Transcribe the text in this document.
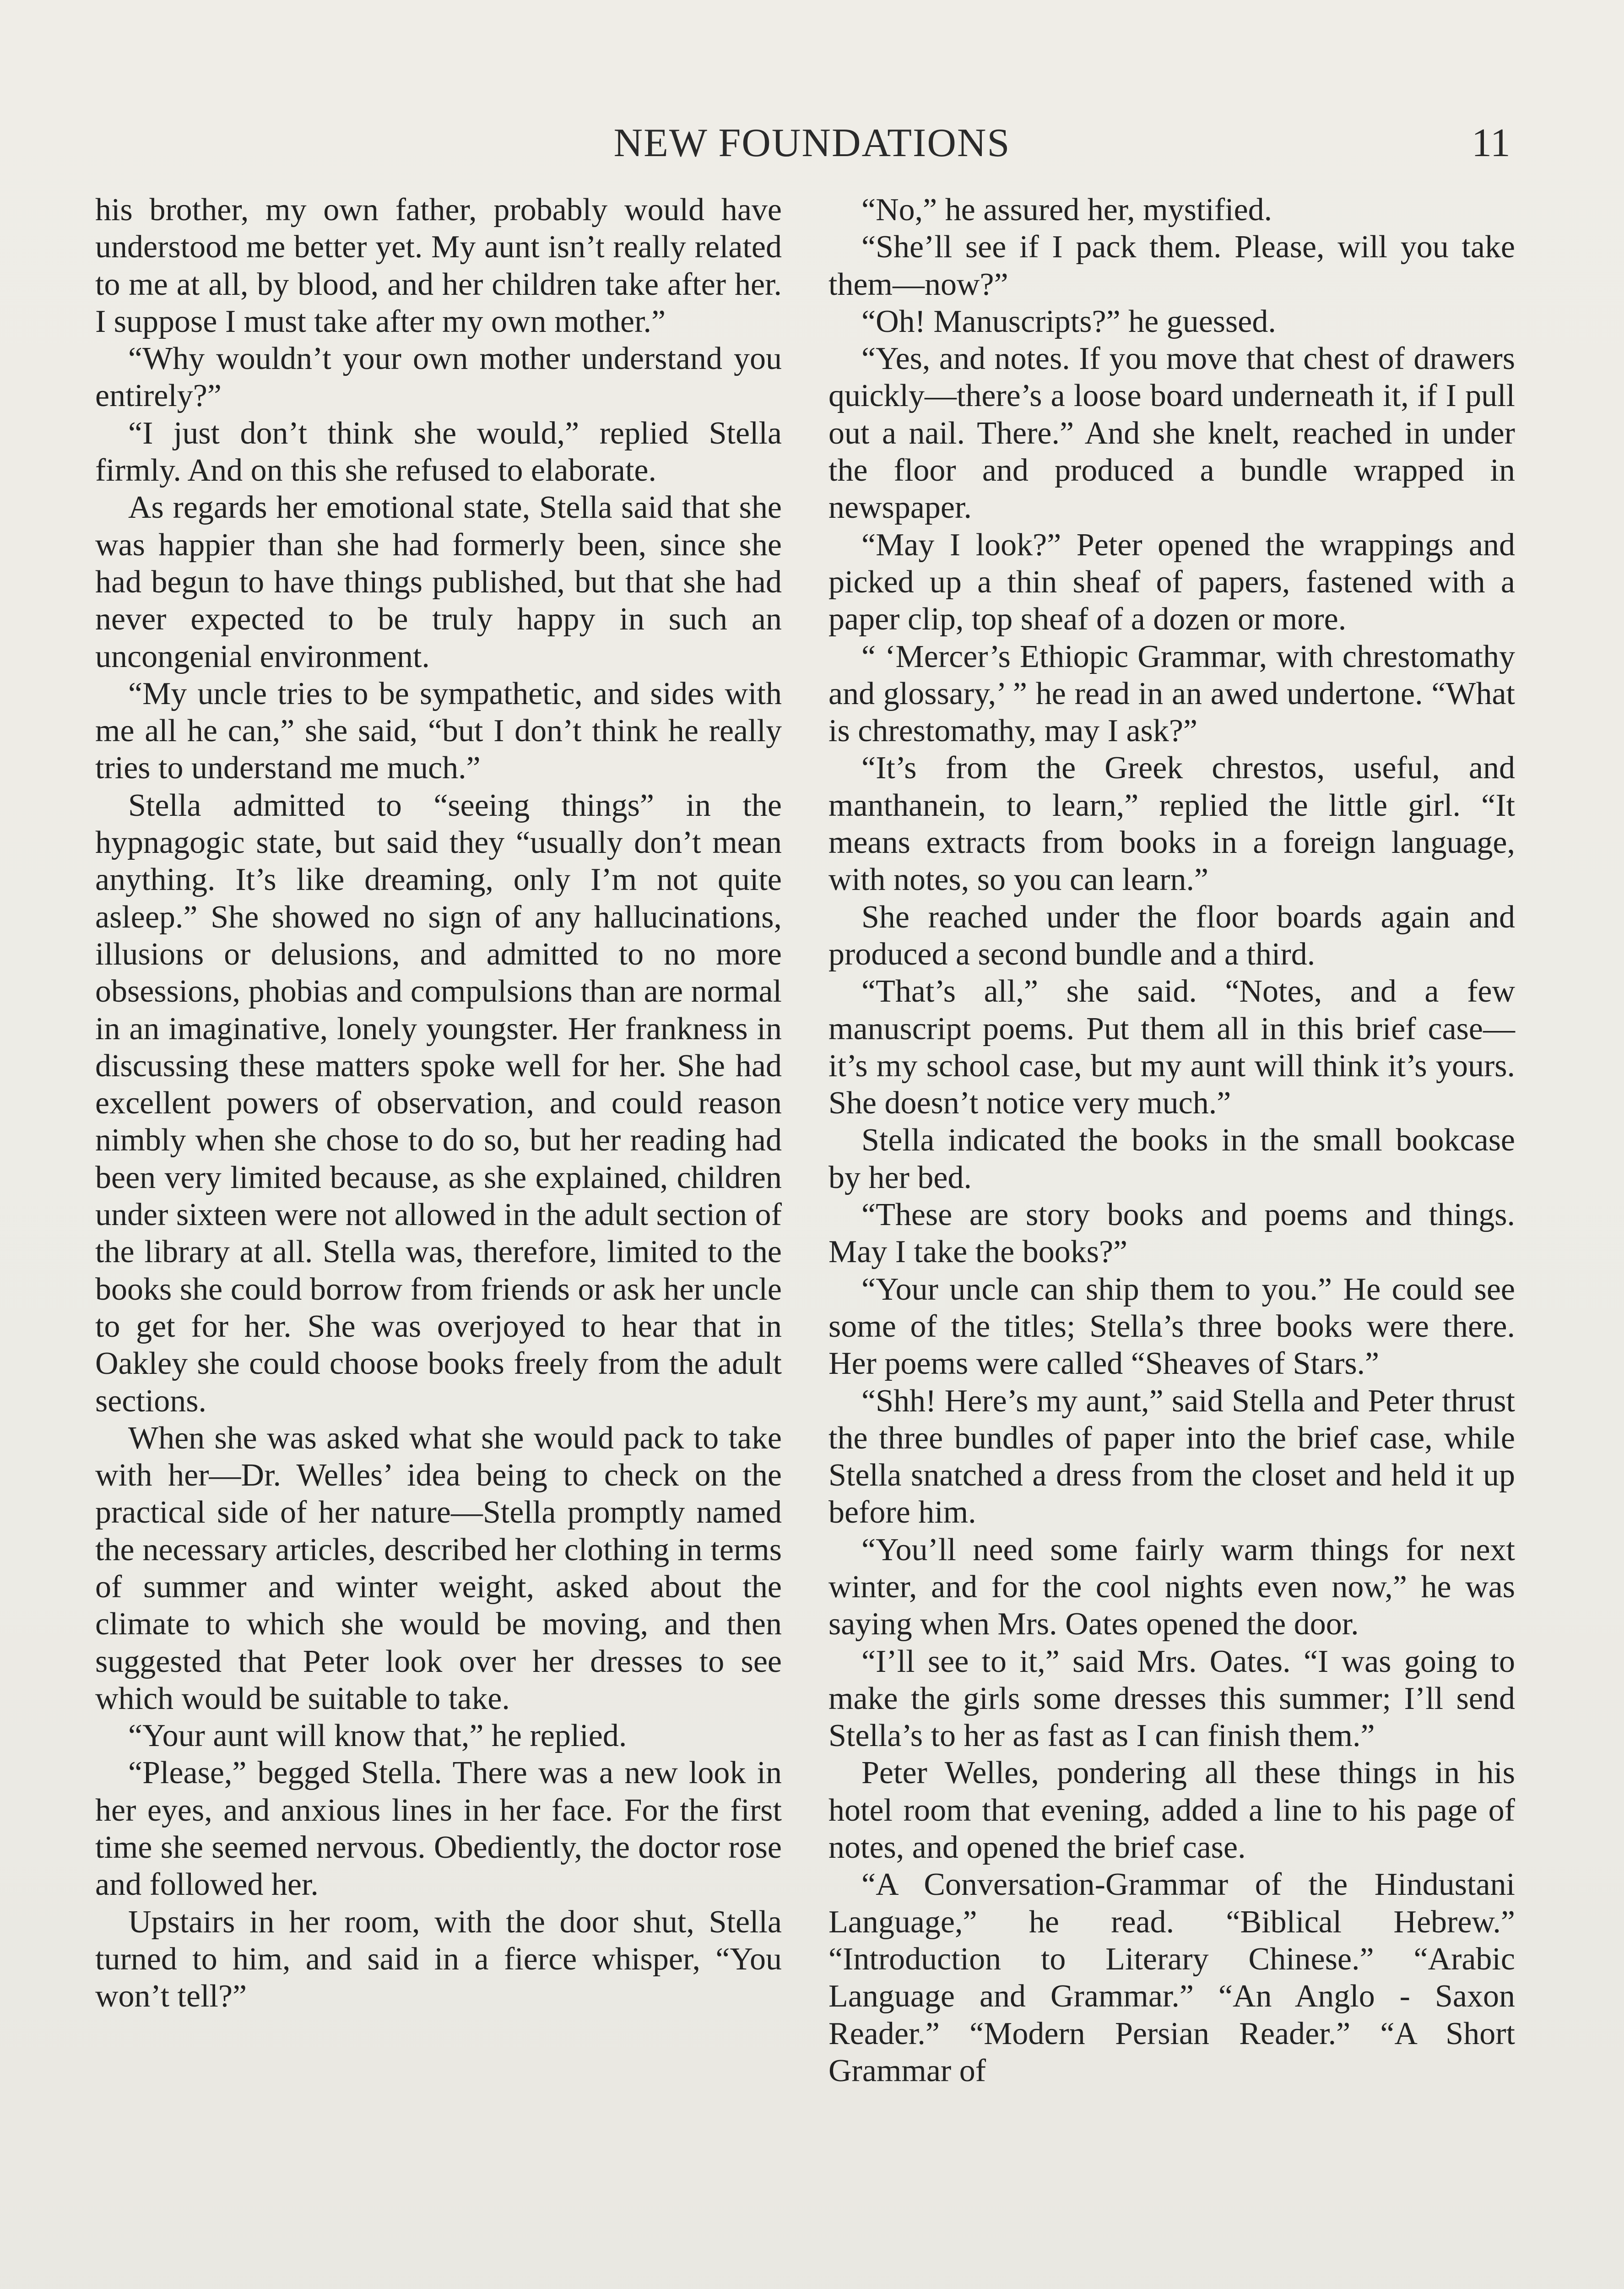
NEW FOUNDATIONS	11

his brother, my own father, probably would have understood me better yet. My aunt isn’t really related to me at all, by blood, and her children take after her. I suppose I must take after my own mother.”

“Why wouldn’t your own mother understand you entirely?”

“I just don’t think she would,” replied Stella firmly. And on this she refused to elaborate.

As regards her emotional state, Stella said that she was happier than she had formerly been, since she had begun to have things published, but that she had never expected to be truly happy in such an uncongenial environment.

“My uncle tries to be sympathetic, and sides with me all he can,” she said, “but I don’t think he really tries to understand me much.”

Stella admitted to “seeing things” in the hypnagogic state, but said they “usually don’t mean anything. It’s like dreaming, only I’m not quite asleep.” She showed no sign of any hallucinations, illusions or delusions, and admitted to no more obsessions, phobias and compulsions than are normal in an imaginative, lonely youngster. Her frankness in discussing these matters spoke well for her. She had excellent powers of observation, and could reason nimbly when she chose to do so, but her reading had been very limited because, as she explained, children under sixteen were not allowed in the adult section of the library at all. Stella was, therefore, limited to the books she could borrow from friends or ask her uncle to get for her. She was overjoyed to hear that in Oakley she could choose books freely from the adult sections.

When she was asked what she would pack to take with her—Dr. Welles’ idea being to check on the practical side of her nature—Stella promptly named the necessary articles, described her clothing in terms of summer and winter weight, asked about the climate to which she would be moving, and then suggested that Peter look over her dresses to see which would be suitable to take.

“Your aunt will know that,” he replied.

“Please,” begged Stella. There was a new look in her eyes, and anxious lines in her face. For the first time she seemed nervous. Obediently, the doctor rose and followed her.

Upstairs in her room, with the door shut, Stella turned to him, and said in a fierce whisper, “You won’t tell?”

“No,” he assured her, mystified.

“She’ll see if I pack them. Please, will you take them—now?”

“Oh! Manuscripts?” he guessed.

“Yes, and notes. If you move that chest of drawers quickly—there’s a loose board underneath it, if I pull out a nail. There.” And she knelt, reached in under the floor and produced a bundle wrapped in newspaper.

“May I look?” Peter opened the wrappings and picked up a thin sheaf of papers, fastened with a paper clip, top sheaf of a dozen or more.

“ ‘Mercer’s Ethiopic Grammar, with chrestomathy and glossary,’ ” he read in an awed undertone. “What is chrestomathy, may I ask?”

“It’s from the Greek chrestos, useful, and manthanein, to learn,” replied the little girl. “It means extracts from books in a foreign language, with notes, so you can learn.”

She reached under the floor boards again and produced a second bundle and a third.

“That’s all,” she said. “Notes, and a few manuscript poems. Put them all in this brief case—it’s my school case, but my aunt will think it’s yours. She doesn’t notice very much.”

Stella indicated the books in the small bookcase by her bed.

“These are story books and poems and things. May I take the books?”

“Your uncle can ship them to you.” He could see some of the titles; Stella’s three books were there. Her poems were called “Sheaves of Stars.”

“Shh! Here’s my aunt,” said Stella and Peter thrust the three bundles of paper into the brief case, while Stella snatched a dress from the closet and held it up before him.

“You’ll need some fairly warm things for next winter, and for the cool nights even now,” he was saying when Mrs. Oates opened the door.

“I’ll see to it,” said Mrs. Oates. “I was going to make the girls some dresses this summer; I’ll send Stella’s to her as fast as I can finish them.”

Peter Welles, pondering all these things in his hotel room that evening, added a line to his page of notes, and opened the brief case.

“A Conversation-Grammar of the Hindustani Language,” he read. “Biblical Hebrew.” “Introduction to Literary Chinese.” “Arabic Language and Grammar.” “An Anglo - Saxon Reader.” “Modern Persian Reader.” “A Short Grammar of
